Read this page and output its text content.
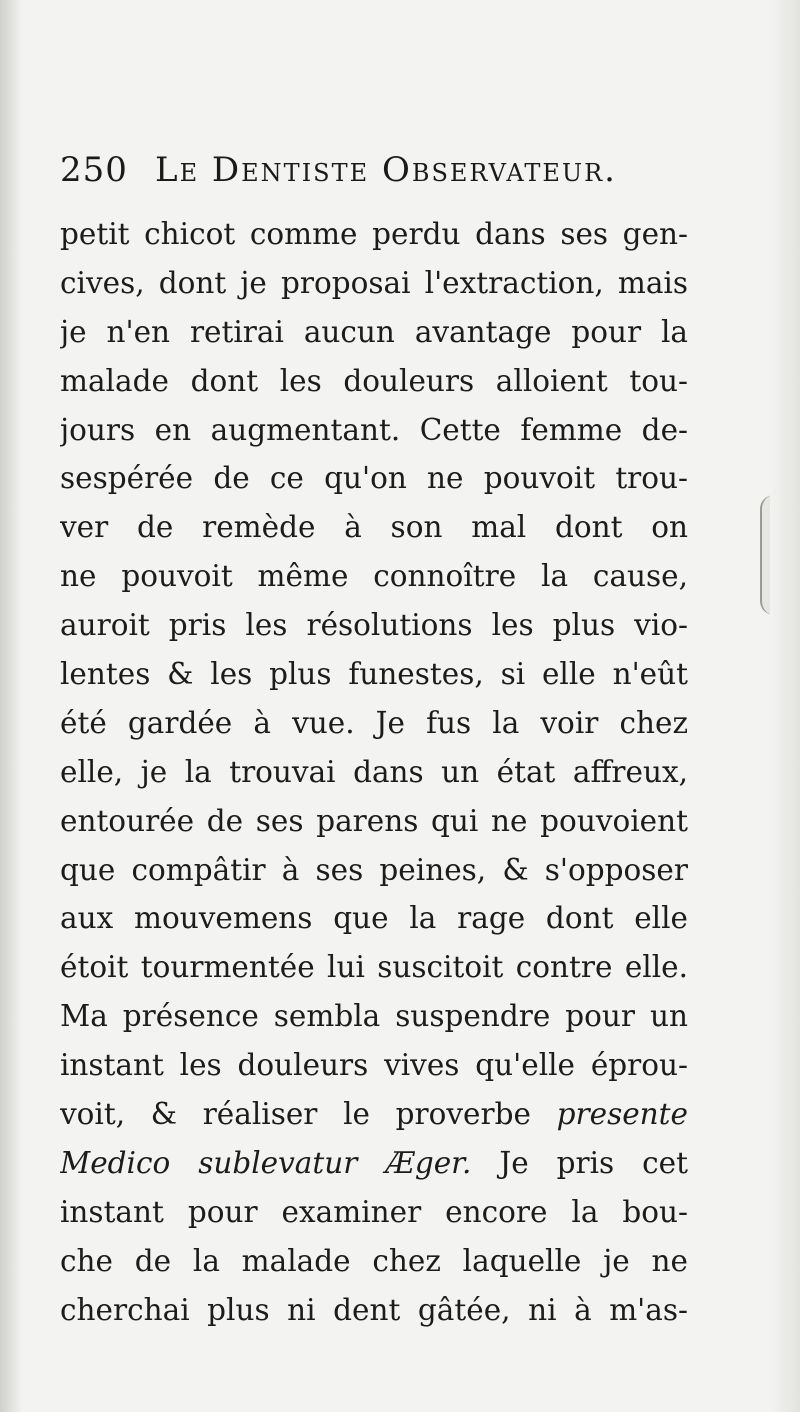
250 Le Dentiste Observateur.
petit chicot comme perdu dans ses gen-
cives, dont je proposai l'extraction, mais
je n'en retirai aucun avantage pour la
malade dont les douleurs alloient tou-
jours en augmentant. Cette femme de-
sespérée de ce qu'on ne pouvoit trou-
ver de remède à son mal dont on
ne pouvoit même connoître la cause,
auroit pris les résolutions les plus vio-
lentes & les plus funestes, si elle n'eût
été gardée à vue. Je fus la voir chez
elle, je la trouvai dans un état affreux,
entourée de ses parens qui ne pouvoient
que compâtir à ses peines, & s'opposer
aux mouvemens que la rage dont elle
étoit tourmentée lui suscitoit contre elle.
Ma présence sembla suspendre pour un
instant les douleurs vives qu'elle éprou-
voit, & réaliser le proverbe presente
Medico sublevatur Æger. Je pris cet
instant pour examiner encore la bou-
che de la malade chez laquelle je ne
cherchai plus ni dent gâtée, ni à m'as-
